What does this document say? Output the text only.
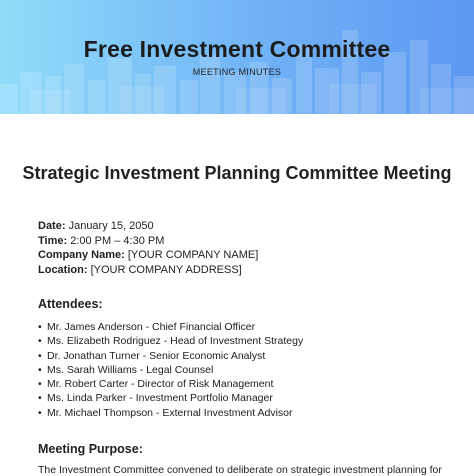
Free Investment Committee
MEETING MINUTES
Strategic Investment Planning Committee Meeting
Date: January 15, 2050
Time: 2:00 PM – 4:30 PM
Company Name: [YOUR COMPANY NAME]
Location: [YOUR COMPANY ADDRESS]
Attendees:
• Mr. James Anderson - Chief Financial Officer
• Ms. Elizabeth Rodriguez - Head of Investment Strategy
• Dr. Jonathan Turner - Senior Economic Analyst
• Ms. Sarah Williams - Legal Counsel
• Mr. Robert Carter - Director of Risk Management
• Ms. Linda Parker - Investment Portfolio Manager
• Mr. Michael Thompson - External Investment Advisor
Meeting Purpose:
The Investment Committee convened to deliberate on strategic investment planning for
